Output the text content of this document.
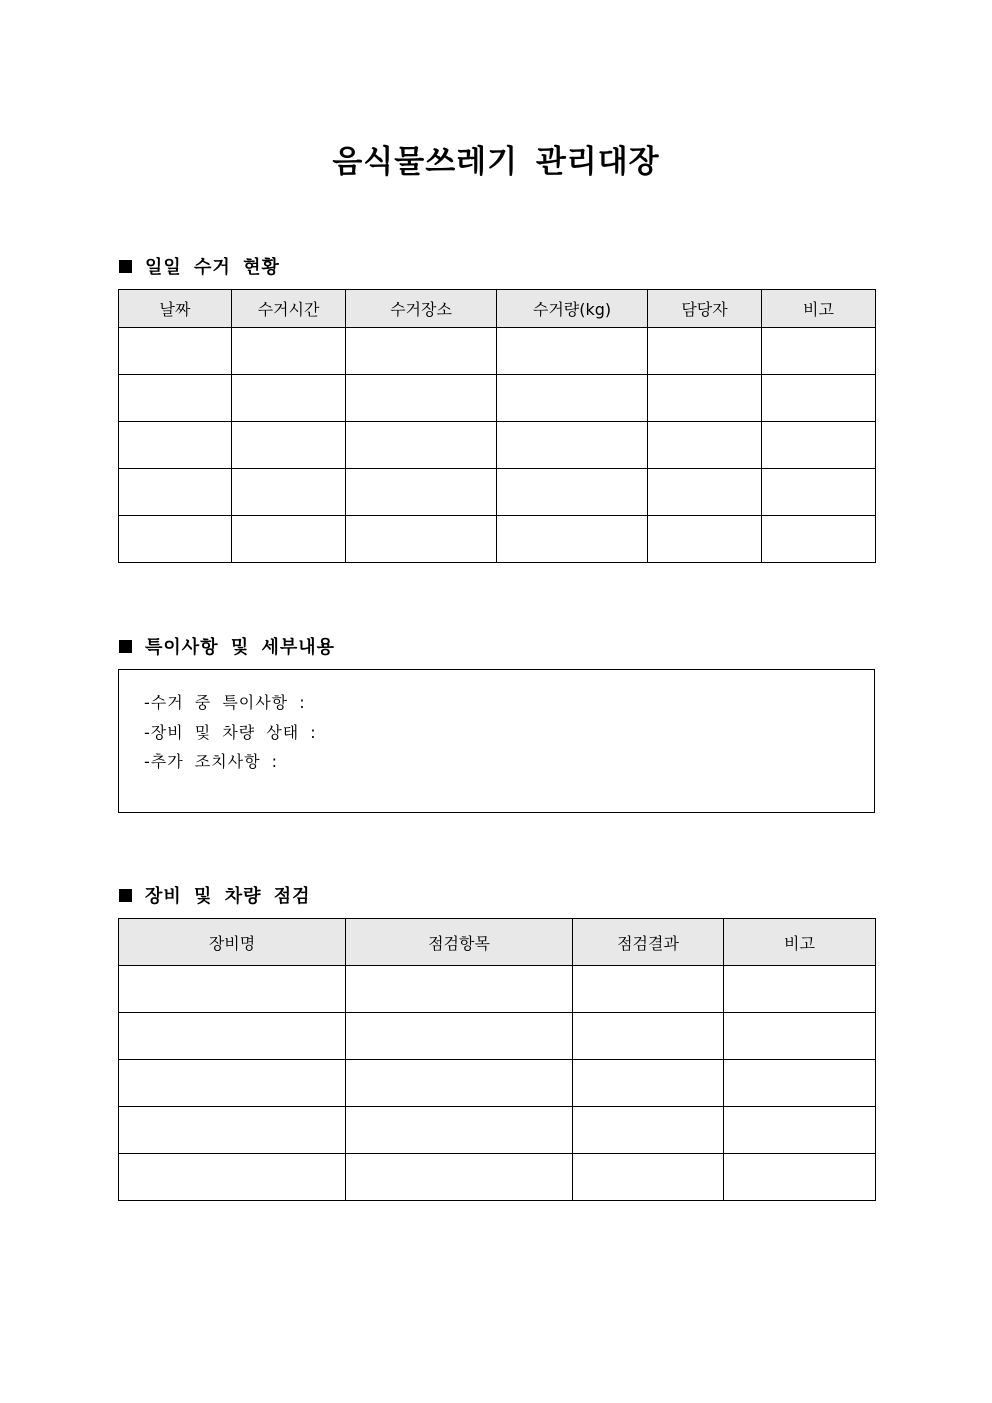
음식물쓰레기 관리대장
일일 수거 현황
날짜	수거시간	수거장소	수거량(kg)	담당자	비고

특이사항 및 세부내용
-수거 중 특이사항 :
-장비 및 차량 상태 :
-추가 조치사항 :
장비 및 차량 점검
장비명	점검항목	점검결과	비고
